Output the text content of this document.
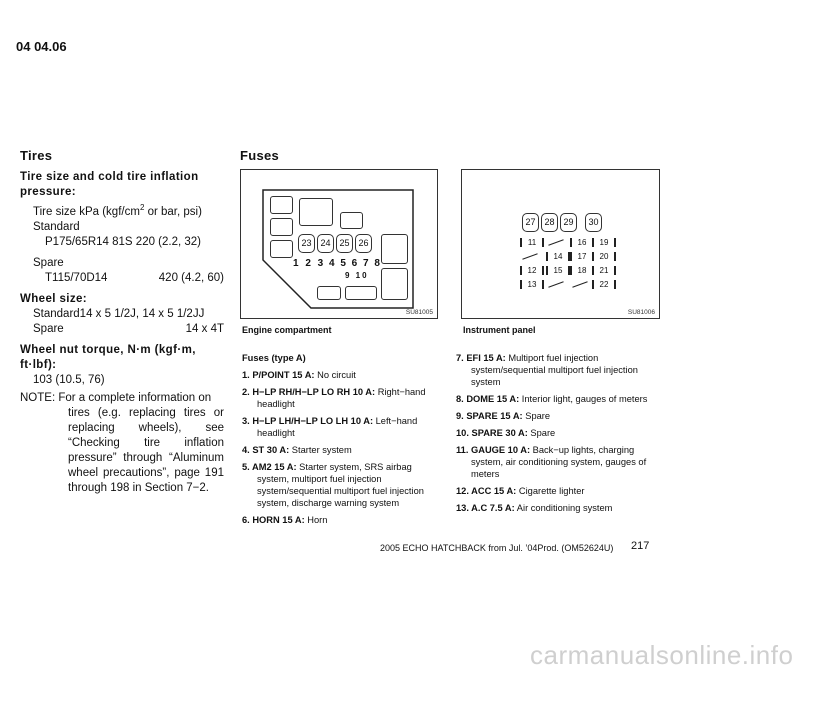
04 04.06
Tires
Tire size and cold tire inflation pressure:
Tire size kPa ($kgf/cm^2$ or bar, psi)
Standard
P175/65R14 81S 220 (2.2, 32)
Spare
T115/70D14	420 (4.2, 60)
Wheel size:
Standard14 x 5 1/2J, 14 x 5 1/2JJ
Spare	14 x 4T
Wheel nut torque, N·m (kgf·m, ft·lbf):
103 (10.5, 76)
NOTE: For a complete information on
tires (e.g. replacing tires or replacing wheels), see “Checking tire inflation pressure” through “Aluminum wheel precautions”, page 191 through 198 in Section 7−2.
Fuses
23 24 25 26
1 2 3 4 5 6 7 8
9 10
SU81005
Engine compartment
27 28 29	30
11	16	19
14	17	20
12	15	18	21
13	22
SU81006
Instrument panel
Fuses (type A)
1. P/POINT 15 A: No circuit
2. H−LP RH/H−LP LO RH 10 A: Right−hand headlight
3. H−LP LH/H−LP LO LH 10 A: Left−hand headlight
4. ST 30 A: Starter system
5. AM2 15 A: Starter system, SRS airbag system, multiport fuel injection system/sequential multiport fuel injection system, discharge warning system
6. HORN 15 A: Horn
7. EFI 15 A: Multiport fuel injection system/sequential multiport fuel injection system
8. DOME 15 A: Interior light, gauges of meters
9. SPARE 15 A: Spare
10. SPARE 30 A: Spare
11. GAUGE 10 A: Back−up lights, charging system, air conditioning system, gauges of meters
12. ACC 15 A: Cigarette lighter
13. A.C 7.5 A: Air conditioning system
2005 ECHO HATCHBACK from Jul. ’04Prod. (OM52624U) 217
carmanualsonline.info
